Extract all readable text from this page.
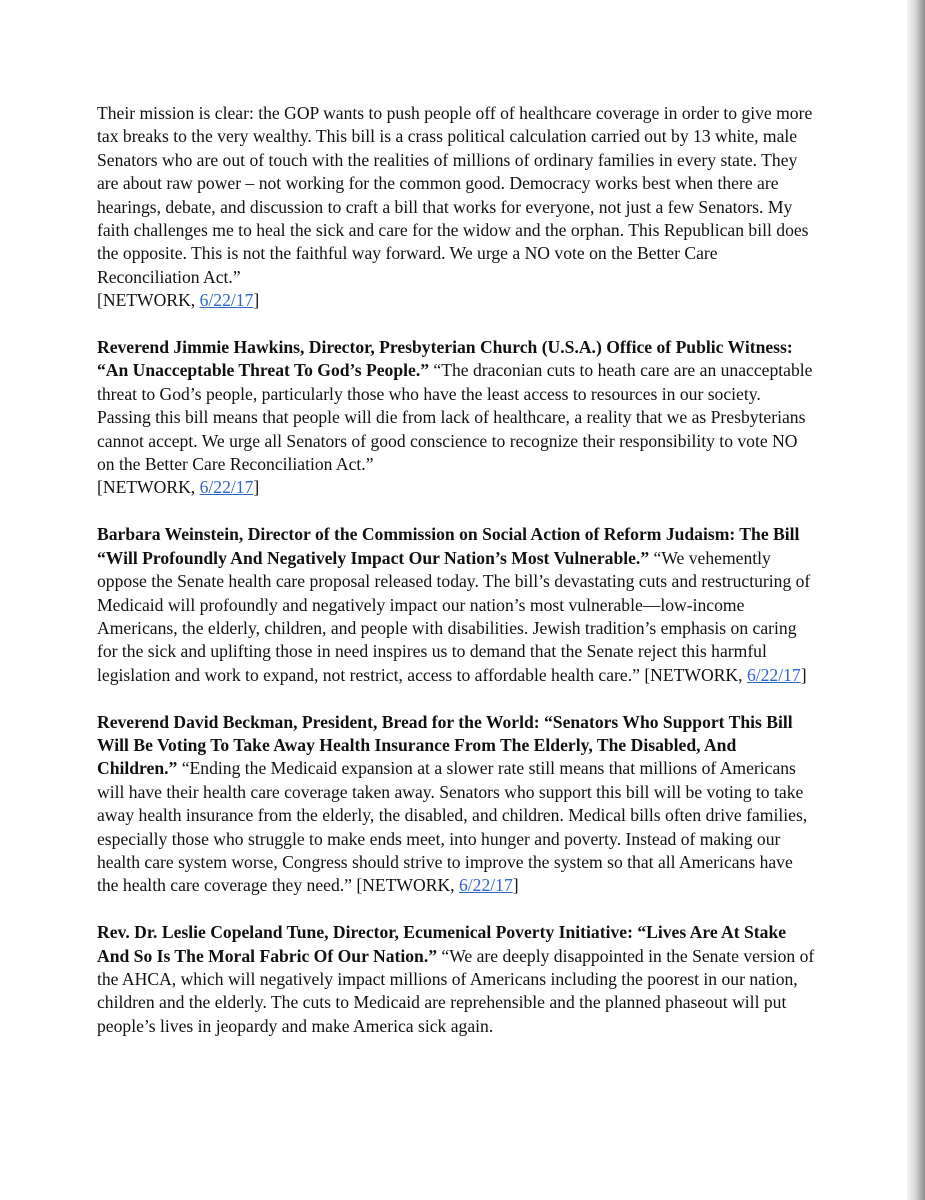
Their mission is clear: the GOP wants to push people off of healthcare coverage in order to give more tax breaks to the very wealthy. This bill is a crass political calculation carried out by 13 white, male Senators who are out of touch with the realities of millions of ordinary families in every state. They are about raw power – not working for the common good. Democracy works best when there are hearings, debate, and discussion to craft a bill that works for everyone, not just a few Senators. My faith challenges me to heal the sick and care for the widow and the orphan. This Republican bill does the opposite. This is not the faithful way forward. We urge a NO vote on the Better Care Reconciliation Act.”
[NETWORK, 6/22/17]

Reverend Jimmie Hawkins, Director, Presbyterian Church (U.S.A.) Office of Public Witness: “An Unacceptable Threat To God’s People.” “The draconian cuts to heath care are an unacceptable threat to God’s people, particularly those who have the least access to resources in our society. Passing this bill means that people will die from lack of healthcare, a reality that we as Presbyterians cannot accept. We urge all Senators of good conscience to recognize their responsibility to vote NO on the Better Care Reconciliation Act.”
[NETWORK, 6/22/17]

Barbara Weinstein, Director of the Commission on Social Action of Reform Judaism: The Bill “Will Profoundly And Negatively Impact Our Nation’s Most Vulnerable.” “We vehemently oppose the Senate health care proposal released today. The bill’s devastating cuts and restructuring of Medicaid will profoundly and negatively impact our nation’s most vulnerable—low-income Americans, the elderly, children, and people with disabilities. Jewish tradition’s emphasis on caring for the sick and uplifting those in need inspires us to demand that the Senate reject this harmful legislation and work to expand, not restrict, access to affordable health care.” [NETWORK, 6/22/17]

Reverend David Beckman, President, Bread for the World: “Senators Who Support This Bill Will Be Voting To Take Away Health Insurance From The Elderly, The Disabled, And Children.” “Ending the Medicaid expansion at a slower rate still means that millions of Americans will have their health care coverage taken away. Senators who support this bill will be voting to take away health insurance from the elderly, the disabled, and children. Medical bills often drive families, especially those who struggle to make ends meet, into hunger and poverty. Instead of making our health care system worse, Congress should strive to improve the system so that all Americans have the health care coverage they need.” [NETWORK, 6/22/17]

Rev. Dr. Leslie Copeland Tune, Director, Ecumenical Poverty Initiative: “Lives Are At Stake And So Is The Moral Fabric Of Our Nation.” “We are deeply disappointed in the Senate version of the AHCA, which will negatively impact millions of Americans including the poorest in our nation, children and the elderly. The cuts to Medicaid are reprehensible and the planned phaseout will put people’s lives in jeopardy and make America sick again.
